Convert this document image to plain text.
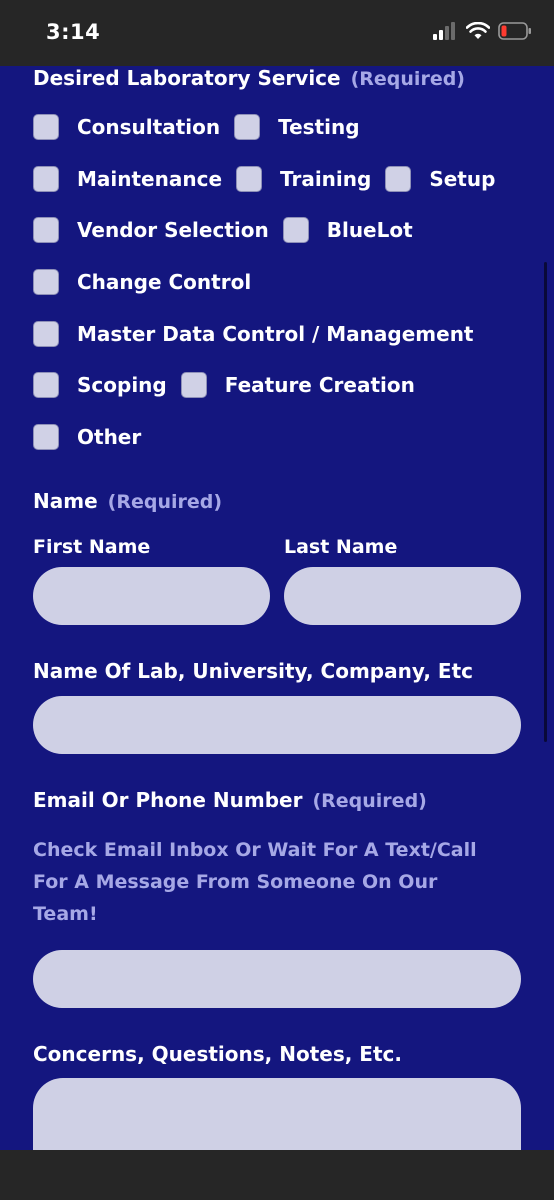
3:14
Desired Laboratory Service (Required)
Consultation	Testing
Maintenance	Training	Setup
Vendor Selection	BlueLot
Change Control
Master Data Control / Management
Scoping	Feature Creation
Other
Name (Required)
First Name	Last Name
Name Of Lab, University, Company, Etc
Email Or Phone Number (Required)
Check Email Inbox Or Wait For A Text/Call For A Message From Someone On Our Team!
Concerns, Questions, Notes, Etc.
